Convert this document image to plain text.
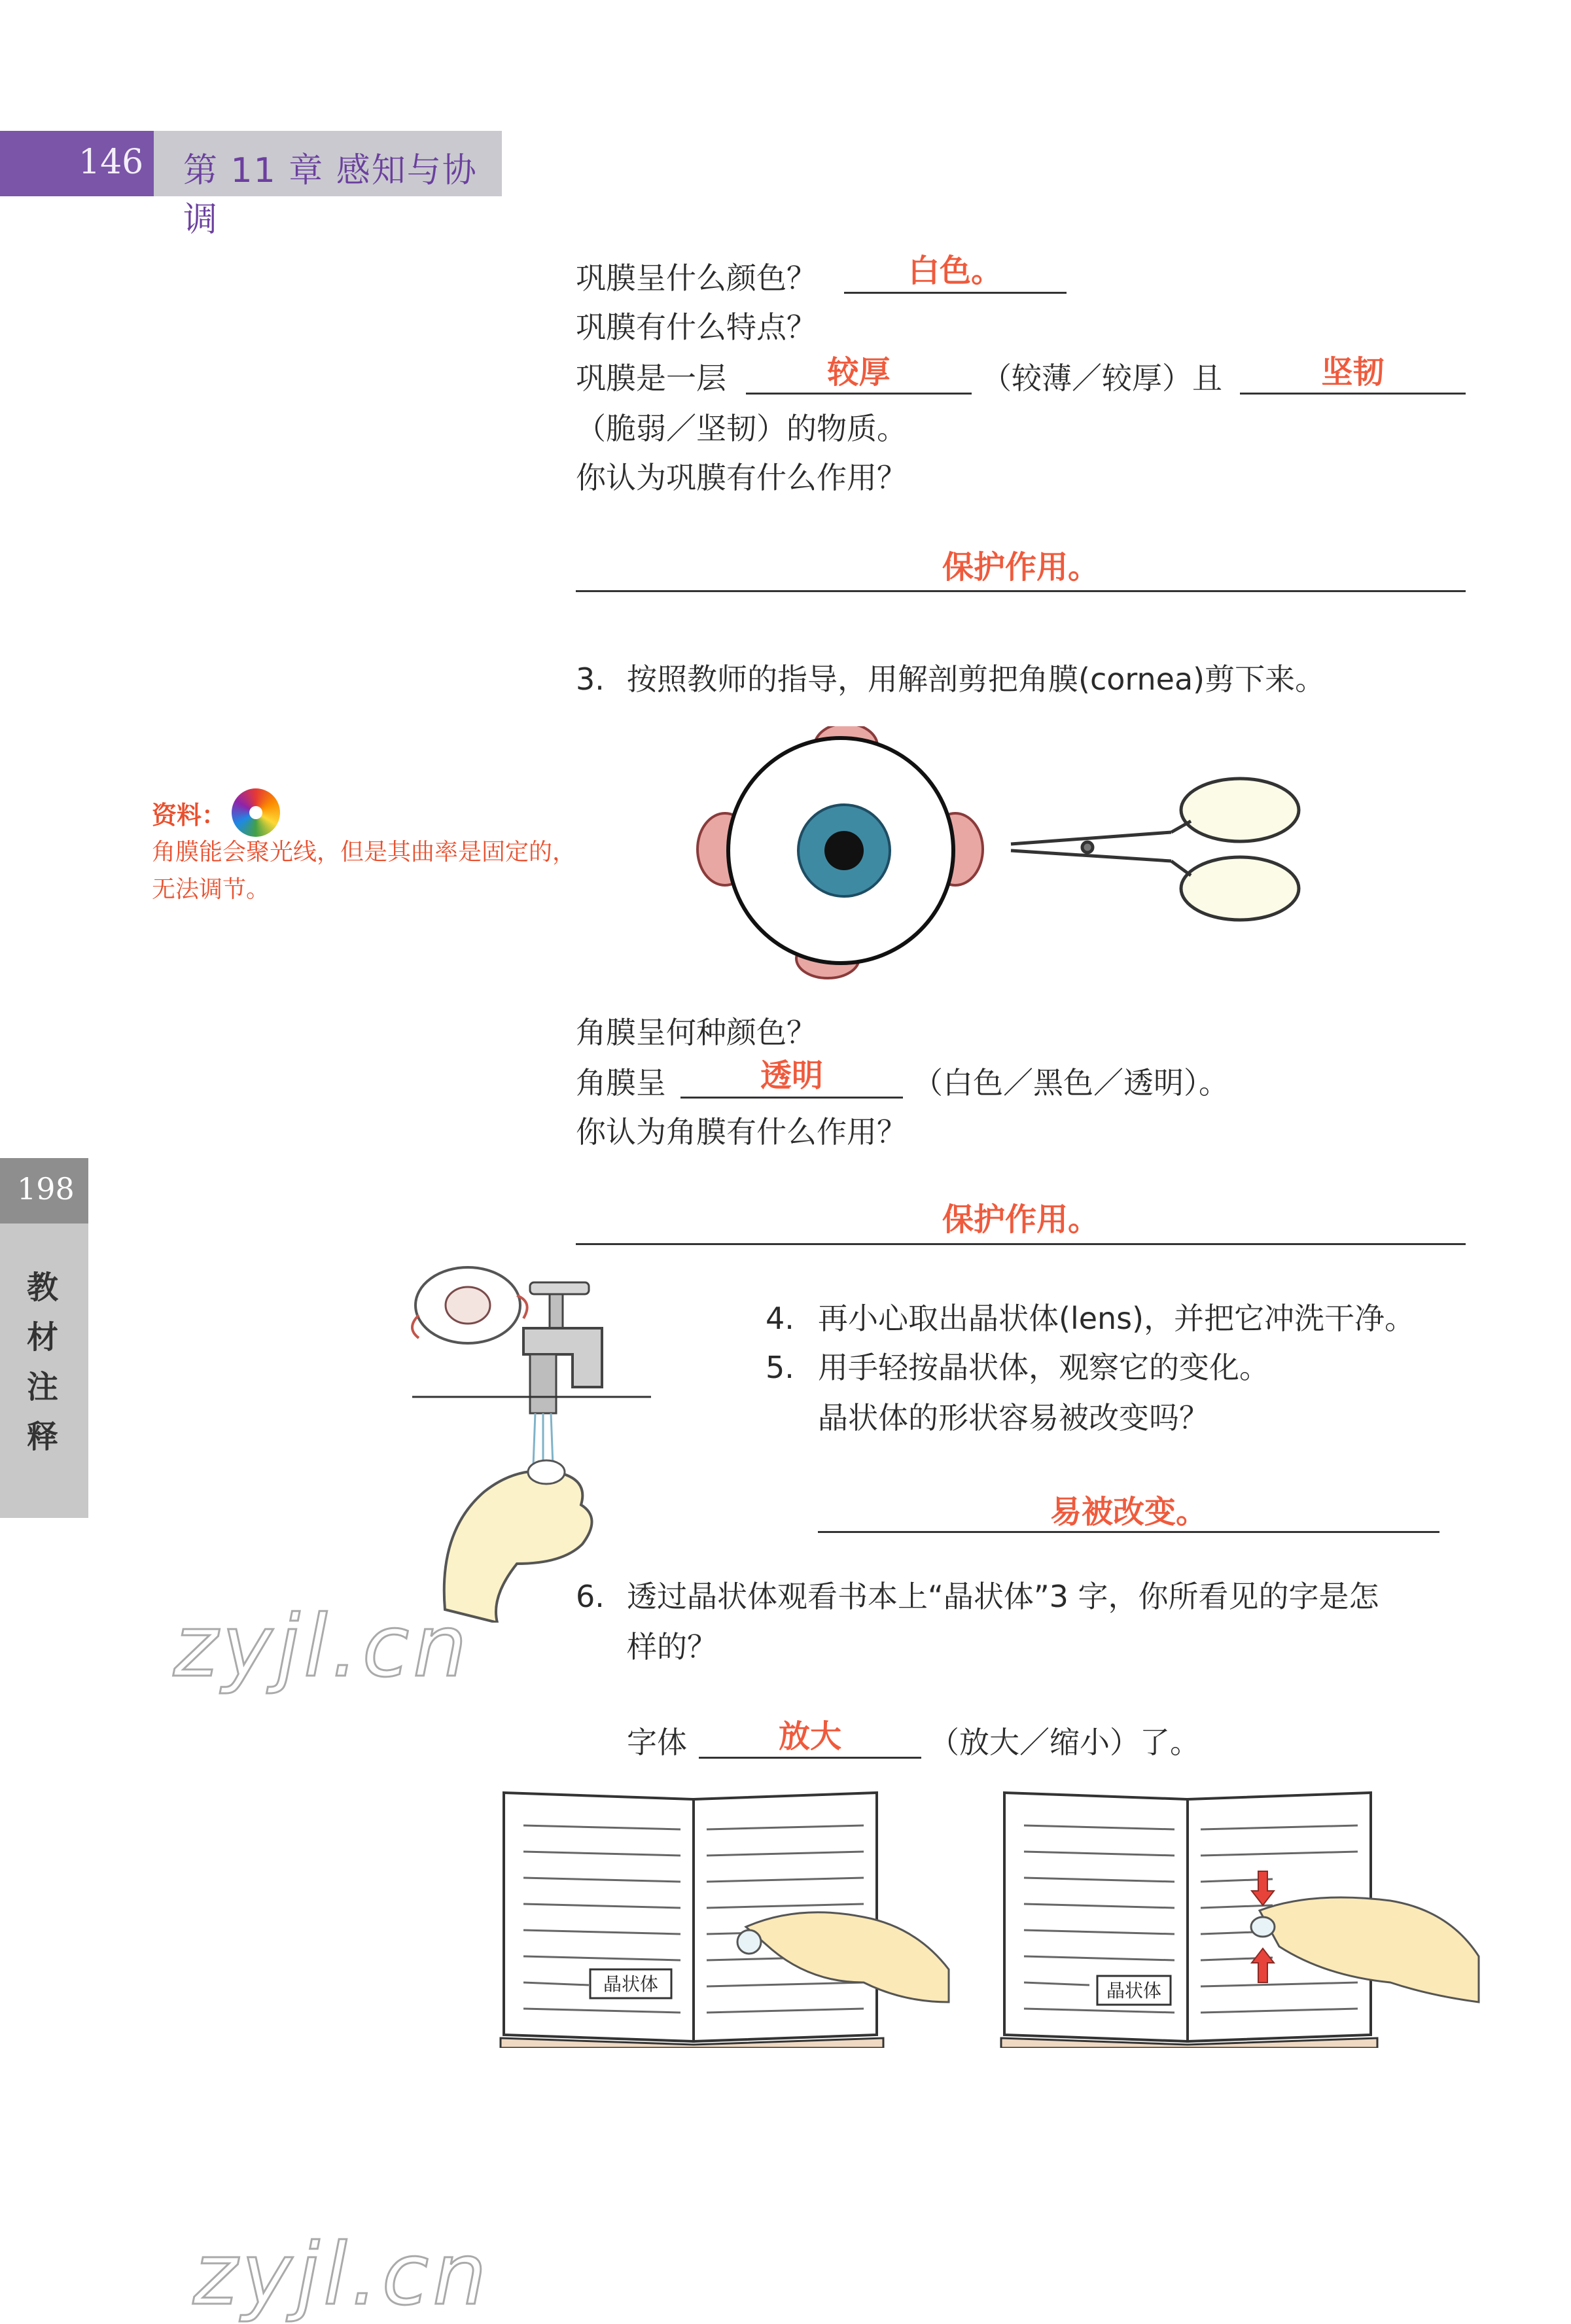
146 第 11 章 感知与协调
198
教材注释
巩膜呈什么颜色？	白色。
巩膜有什么特点？
巩膜是一层	较厚	（较薄／较厚）且	坚韧
（脆弱／坚韧）的物质。
你认为巩膜有什么作用？
保护作用。
3. 按照教师的指导，用解剖剪把角膜(cornea)剪下来。
资料：
角膜能会聚光线，但是其曲率是固定的，
无法调节。
角膜呈何种颜色？
角膜呈	透明	（白色／黑色／透明）。
你认为角膜有什么作用？
保护作用。
4. 再小心取出晶状体(lens)，并把它冲洗干净。
5. 用手轻按晶状体，观察它的变化。
晶状体的形状容易被改变吗？
易被改变。
6. 透过晶状体观看书本上“晶状体”3 字，你所看见的字是怎
样的？
字体	放大	（放大／缩小）了。
晶状体	晶状体
zyjl.cn
zyjl.cn
